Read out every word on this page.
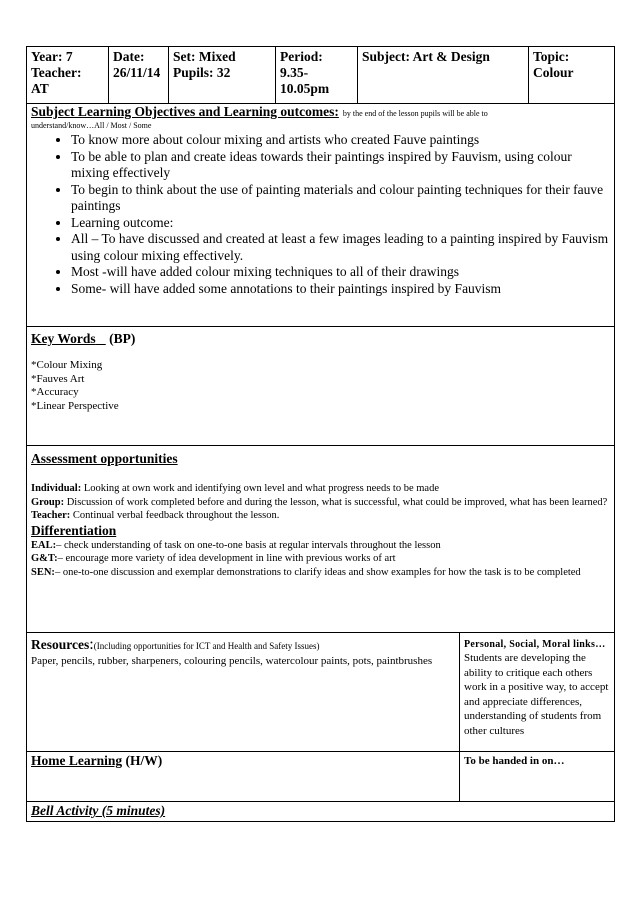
Year: 7
Teacher:
AT
Date:
26/11/14
Set: Mixed
Pupils: 32
Period:
9.35-
10.05pm
Subject: Art & Design	Topic:
Colour
Subject Learning Objectives and Learning outcomes: by the end of the lesson pupils will be able to
understand/know…All / Most / Some
• To know more about colour mixing and artists who created Fauve paintings
• To be able to plan and create ideas towards their paintings inspired by Fauvism, using colour mixing effectively
• To begin to think about the use of painting materials and colour painting techniques for their fauve paintings
• Learning outcome:
• All – To have discussed and created at least a few images leading to a painting inspired by Fauvism using colour mixing effectively.
• Most -will have added colour mixing techniques to all of their drawings
• Some- will have added some annotations to their paintings inspired by Fauvism
Key Words (BP)
*Colour Mixing
*Fauves Art
*Accuracy
*Linear Perspective
Assessment opportunities
Individual: Looking at own work and identifying own level and what progress needs to be made
Group: Discussion of work completed before and during the lesson, what is successful, what could be improved, what has been learned?
Teacher: Continual verbal feedback throughout the lesson.
Differentiation
EAL:– check understanding of task on one-to-one basis at regular intervals throughout the lesson
G&T:– encourage more variety of idea development in line with previous works of art
SEN:– one-to-one discussion and exemplar demonstrations to clarify ideas and show examples for how the task is to be completed
Resources:(Including opportunities for ICT and Health and Safety Issues)
Paper, pencils, rubber, sharpeners, colouring pencils, watercolour paints, pots, paintbrushes
Personal, Social, Moral links…
Students are developing the ability to critique each others work in a positive way, to accept and appreciate differences, understanding of students from other cultures
Home Learning (H/W)	To be handed in on…
Bell Activity (5 minutes)
